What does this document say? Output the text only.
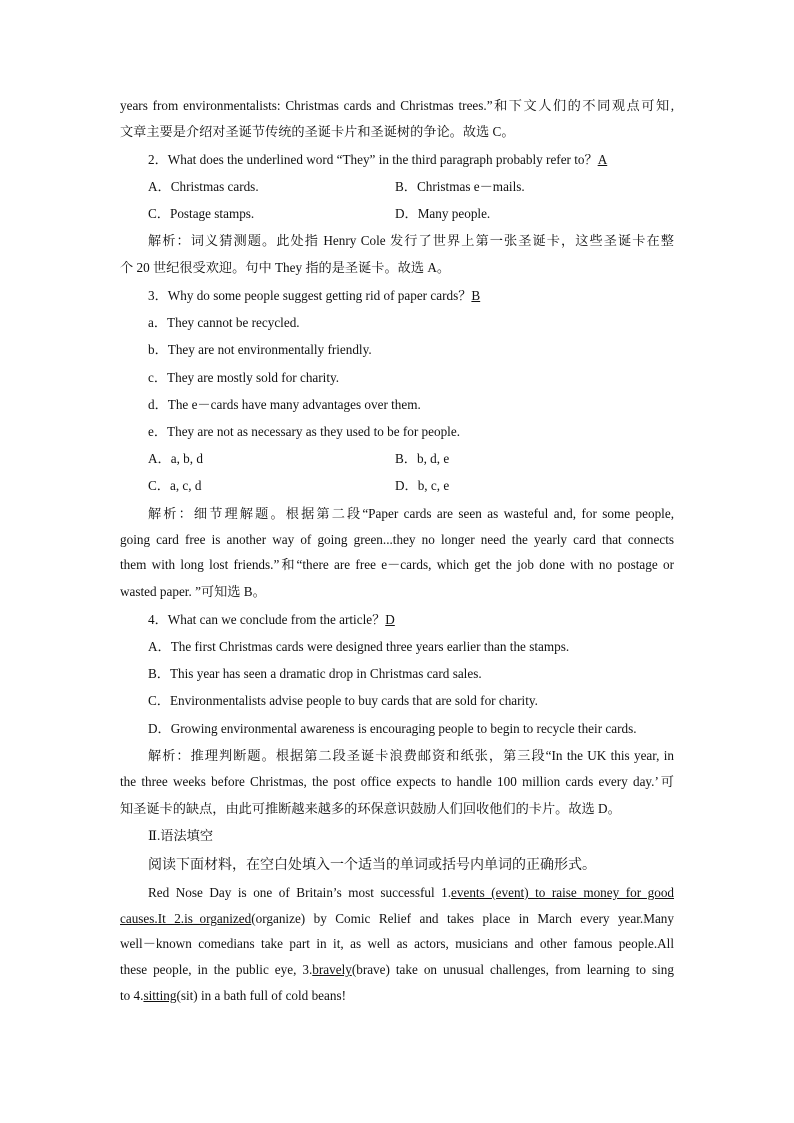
years from environmentalists: Christmas cards and Christmas trees.”和下文人们的不同观点可知,
文章主要是介绍对圣诞节传统的圣诞卡片和圣诞树的争论。故选 C。
2．What does the underlined word “They” in the third paragraph probably refer to？A
A．Christmas cards.	B．Christmas e－mails.
C．Postage stamps.	D．Many people.
解析：词义猜测题。此处指 Henry Cole 发行了世界上第一张圣诞卡，这些圣诞卡在整
个 20 世纪很受欢迎。句中 They 指的是圣诞卡。故选 A。
3．Why do some people suggest getting rid of paper cards？B
a．They cannot be recycled.
b．They are not environmentally friendly.
c．They are mostly sold for charity.
d．The e－cards have many advantages over them.
e．They are not as necessary as they used to be for people.
A．a, b, d	B．b, d, e
C．a, c, d	D．b, c, e
解析：细节理解题。根据第二段“Paper cards are seen as wasteful and, for some people,
going card free is another way of going green...they no longer need the yearly card that connects
them with long lost friends.”和“there are free e－cards, which get the job done with no postage or
wasted paper. ”可知选 B。
4．What can we conclude from the article？D
A．The first Christmas cards were designed three years earlier than the stamps.
B．This year has seen a dramatic drop in Christmas card sales.
C．Environmentalists advise people to buy cards that are sold for charity.
D．Growing environmental awareness is encouraging people to begin to recycle their cards.
解析：推理判断题。根据第二段圣诞卡浪费邮资和纸张，第三段“In the UK this year, in
the three weeks before Christmas, the post office expects to handle 100 million cards every day.’可
知圣诞卡的缺点，由此可推断越来越多的环保意识鼓励人们回收他们的卡片。故选 D。
Ⅱ.语法填空
阅读下面材料，在空白处填入一个适当的单词或括号内单词的正确形式。
Red Nose Day is one of Britain’s most successful 1.events (event) to raise money for good
causes.It 2.is_organized(organize) by Comic Relief and takes place in March every year.Many
well－known comedians take part in it, as well as actors, musicians and other famous people.All
these people, in the public eye, 3.bravely(brave) take on unusual challenges, from learning to sing
to 4.sitting(sit) in a bath full of cold beans!
